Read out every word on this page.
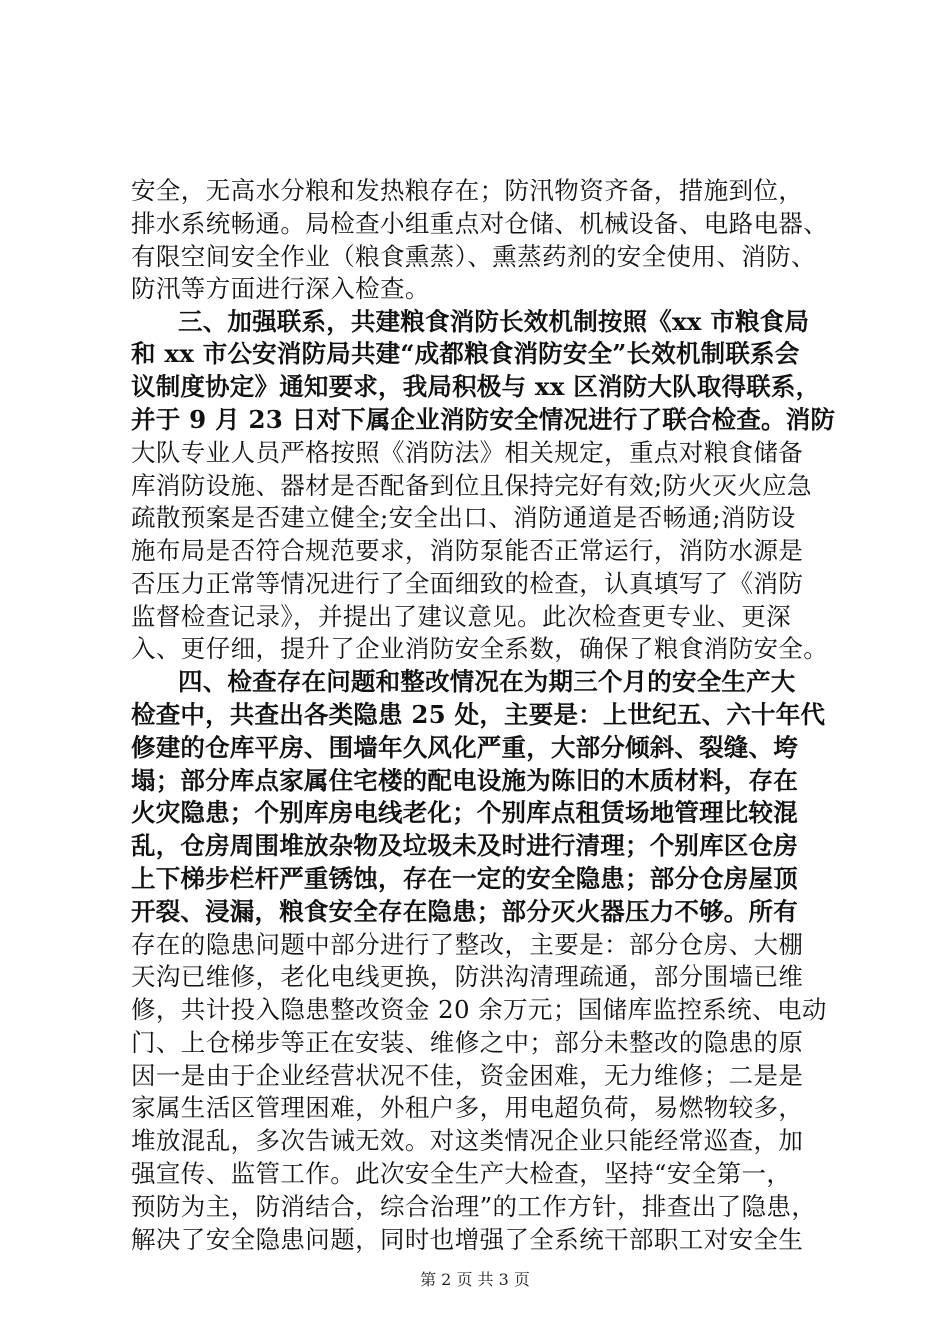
安全，无高水分粮和发热粮存在；防汛物资齐备，措施到位，
排水系统畅通。局检查小组重点对仓储、机械设备、电路电器、
有限空间安全作业（粮食熏蒸）、熏蒸药剂的安全使用、消防、
防汛等方面进行深入检查。
三、加强联系，共建粮食消防长效机制按照《xx 市粮食局
和 xx 市公安消防局共建“成都粮食消防安全”长效机制联系会
议制度协定》通知要求，我局积极与 xx 区消防大队取得联系，
并于 9 月 23 日对下属企业消防安全情况进行了联合检查。消防
大队专业人员严格按照《消防法》相关规定，重点对粮食储备
库消防设施、器材是否配备到位且保持完好有效;防火灭火应急
疏散预案是否建立健全;安全出口、消防通道是否畅通;消防设
施布局是否符合规范要求，消防泵能否正常运行，消防水源是
否压力正常等情况进行了全面细致的检查，认真填写了《消防
监督检查记录》，并提出了建议意见。此次检查更专业、更深
入、更仔细，提升了企业消防安全系数，确保了粮食消防安全。
四、检查存在问题和整改情况在为期三个月的安全生产大
检查中，共查出各类隐患 25 处，主要是：上世纪五、六十年代
修建的仓库平房、围墙年久风化严重，大部分倾斜、裂缝、垮
塌；部分库点家属住宅楼的配电设施为陈旧的木质材料，存在
火灾隐患；个别库房电线老化；个别库点租赁场地管理比较混
乱，仓房周围堆放杂物及垃圾未及时进行清理；个别库区仓房
上下梯步栏杆严重锈蚀，存在一定的安全隐患；部分仓房屋顶
开裂、浸漏，粮食安全存在隐患；部分灭火器压力不够。所有
存在的隐患问题中部分进行了整改，主要是：部分仓房、大棚
天沟已维修，老化电线更换，防洪沟清理疏通，部分围墙已维
修，共计投入隐患整改资金 20 余万元；国储库监控系统、电动
门、上仓梯步等正在安装、维修之中；部分未整改的隐患的原
因一是由于企业经营状况不佳，资金困难，无力维修；二是是
家属生活区管理困难，外租户多，用电超负荷，易燃物较多，
堆放混乱，多次告诫无效。对这类情况企业只能经常巡查，加
强宣传、监管工作。此次安全生产大检查，坚持“安全第一，
预防为主，防消结合，综合治理”的工作方针，排查出了隐患，
解决了安全隐患问题，同时也增强了全系统干部职工对安全生
第 2 页 共 3 页
